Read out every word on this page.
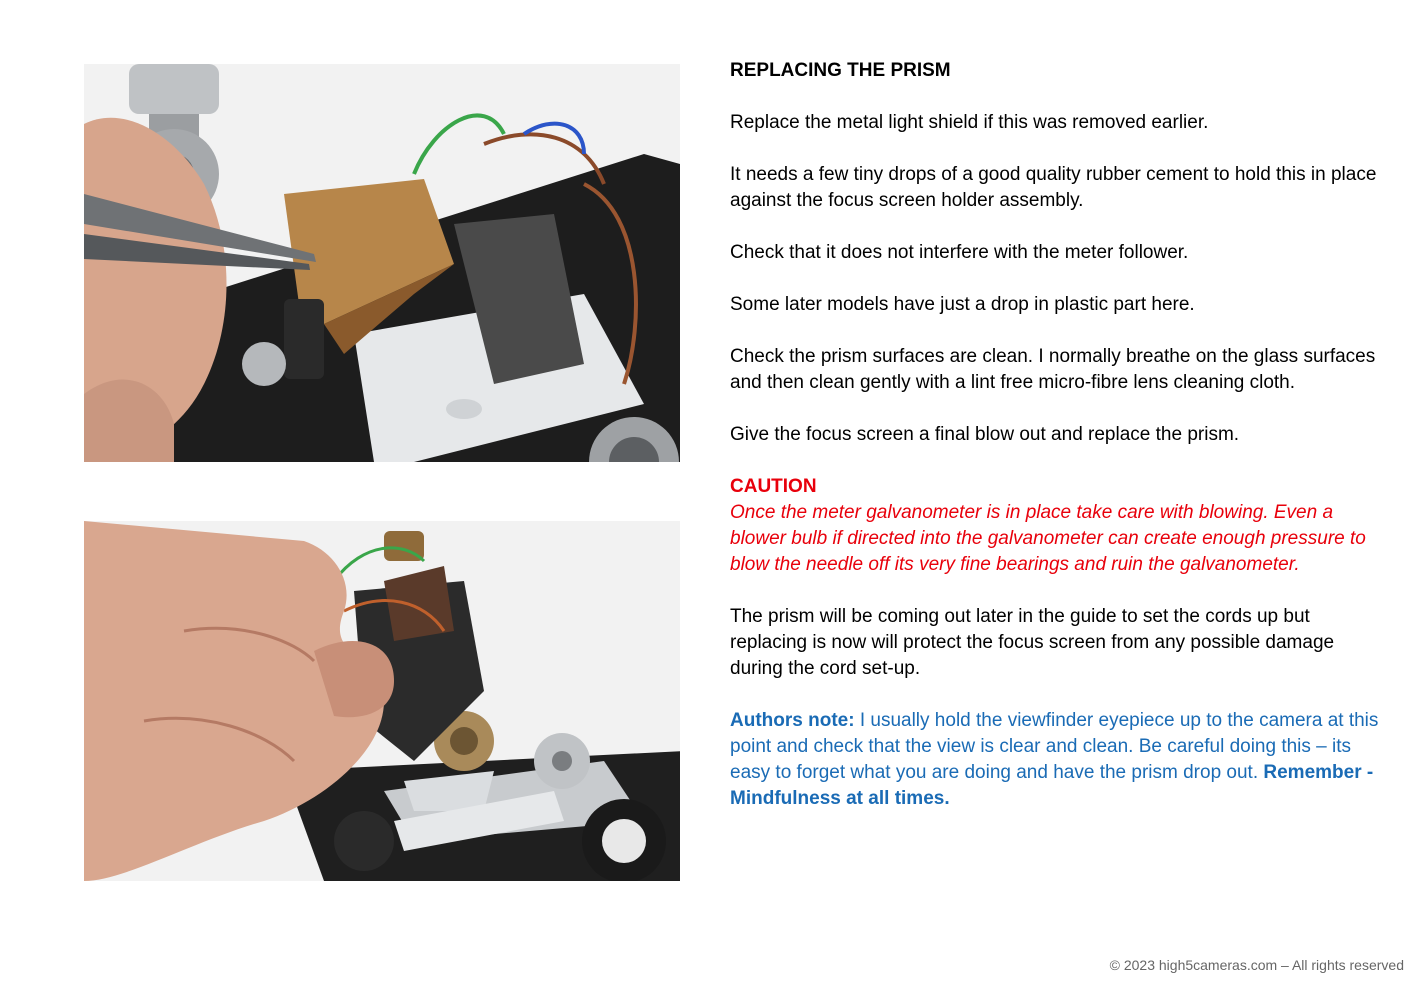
REPLACING THE PRISM

Replace the metal light shield if this was removed earlier.

It needs a few tiny drops of a good quality rubber cement to hold this in place against the focus screen holder assembly.

Check that it does not interfere with the meter follower.

Some later models have just a drop in plastic part here.

Check the prism surfaces are clean. I normally breathe on the glass surfaces and then clean gently with a lint free micro-fibre lens cleaning cloth.

Give the focus screen a final blow out and replace the prism.

CAUTION
Once the meter galvanometer is in place take care with blowing. Even a blower bulb if directed into the galvanometer can create enough pressure to blow the needle off its very fine bearings and ruin the galvanometer.

The prism will be coming out later in the guide to set the cords up but replacing is now will protect the focus screen from any possible damage during the cord set-up.

Authors note: I usually hold the viewfinder eyepiece up to the camera at this point and check that the view is clear and clean. Be careful doing this – its easy to forget what you are doing and have the prism drop out. Remember - Mindfulness at all times.

© 2023 high5cameras.com – All rights reserved
